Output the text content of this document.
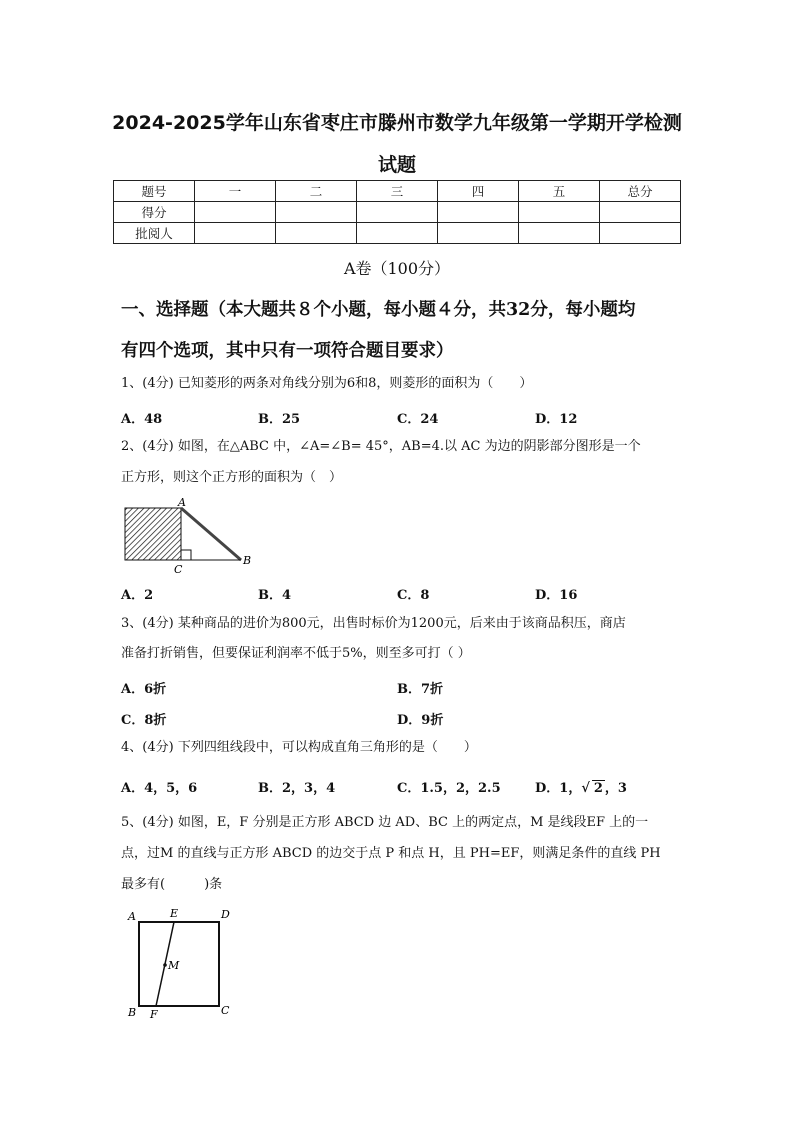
2024-2025学年山东省枣庄市滕州市数学九年级第一学期开学检测
试题
题号	一	二	三	四	五	总分
得分						
批阅人						
A卷（100分）
一、选择题（本大题共８个小题，每小题４分，共32分，每小题均
有四个选项，其中只有一项符合题目要求）
1、(4分) 已知菱形的两条对角线分别为6和8，则菱形的面积为（　　）
A．48	B．25	C．24	D．12
2、(4分) 如图，在△ABC 中，∠A=∠B= 45°，AB=4.以 AC 为边的阴影部分图形是一个
正方形，则这个正方形的面积为（　）
A
C
B
A．2	B．4	C．8	D．16
3、(4分) 某种商品的进价为800元，出售时标价为1200元，后来由于该商品积压，商店
准备打折销售，但要保证利润率不低于5%，则至多可打（ ）
A．6折	B．7折
C．8折	D．9折
4、(4分) 下列四组线段中，可以构成直角三角形的是（　　）
A．4，5，6	B．2，3，4	C．1.5，2，2.5	D．1，√ 2 ，3
5、(4分) 如图，E，F 分别是正方形 ABCD 边 AD、BC 上的两定点，M 是线段EF 上的一
点，过M 的直线与正方形 ABCD 的边交于点 P 和点 H，且 PH=EF，则满足条件的直线 PH
最多有(　　　)条
A	E	D
M
B F	C
